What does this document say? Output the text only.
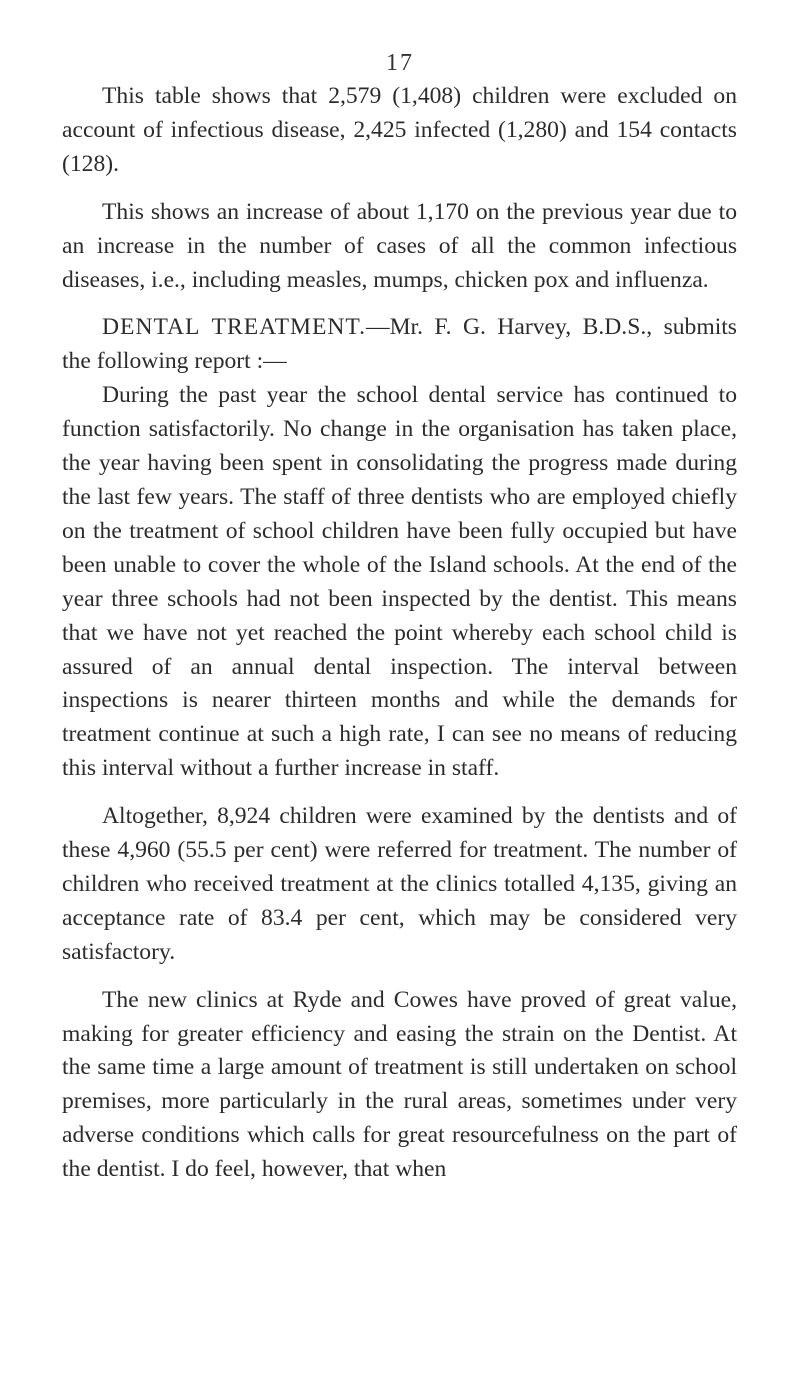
17

This table shows that 2,579 (1,408) children were excluded on account of infectious disease, 2,425 infected (1,280) and 154 contacts (128).

This shows an increase of about 1,170 on the previous year due to an increase in the number of cases of all the common infectious diseases, i.e., including measles, mumps, chicken pox and influenza.

DENTAL TREATMENT.—Mr. F. G. Harvey, B.D.S., submits the following report :—

During the past year the school dental service has continued to function satisfactorily. No change in the organisation has taken place, the year having been spent in consolidating the progress made during the last few years. The staff of three dentists who are employed chiefly on the treatment of school children have been fully occupied but have been unable to cover the whole of the Island schools. At the end of the year three schools had not been inspected by the dentist. This means that we have not yet reached the point whereby each school child is assured of an annual dental inspection. The interval between inspections is nearer thirteen months and while the demands for treatment continue at such a high rate, I can see no means of reducing this interval without a further increase in staff.

Altogether, 8,924 children were examined by the dentists and of these 4,960 (55.5 per cent) were referred for treatment. The number of children who received treatment at the clinics totalled 4,135, giving an acceptance rate of 83.4 per cent, which may be considered very satisfactory.

The new clinics at Ryde and Cowes have proved of great value, making for greater efficiency and easing the strain on the Dentist. At the same time a large amount of treatment is still undertaken on school premises, more particularly in the rural areas, sometimes under very adverse conditions which calls for great resourcefulness on the part of the dentist. I do feel, however, that when
